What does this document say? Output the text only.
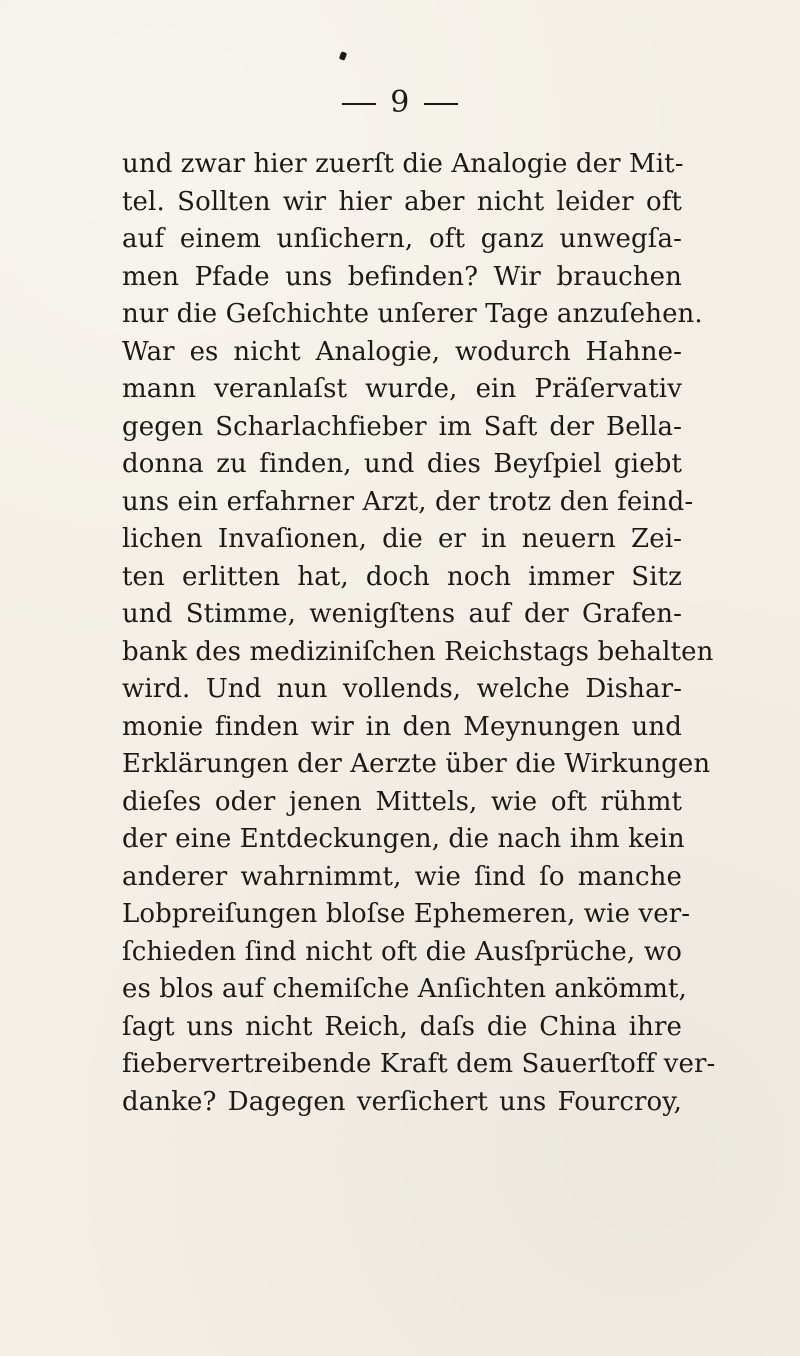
9
und zwar hier zuerſt die Analogie der Mit-
tel. Sollten wir hier aber nicht leider oft
auf einem unſichern, oft ganz unwegſa-
men Pfade uns befinden? Wir brauchen
nur die Geſchichte unſerer Tage anzuſehen.
War es nicht Analogie, wodurch Hahne-
mann veranlaſst wurde, ein Präſervativ
gegen Scharlachfieber im Saft der Bella-
donna zu finden, und dies Beyſpiel giebt
uns ein erfahrner Arzt, der trotz den feind-
lichen Invaſionen, die er in neuern Zei-
ten erlitten hat, doch noch immer Sitz
und Stimme, wenigſtens auf der Grafen-
bank des mediziniſchen Reichstags behalten
wird. Und nun vollends, welche Dishar-
monie finden wir in den Meynungen und
Erklärungen der Aerzte über die Wirkungen
dieſes oder jenen Mittels, wie oft rühmt
der eine Entdeckungen, die nach ihm kein
anderer wahrnimmt, wie ſind ſo manche
Lobpreiſungen bloſse Ephemeren, wie ver-
ſchieden ſind nicht oft die Ausſprüche, wo
es blos auf chemiſche Anſichten ankömmt,
ſagt uns nicht Reich, daſs die China ihre
fiebervertreibende Kraft dem Sauerſtoff ver-
danke? Dagegen verſichert uns Fourcroy,
